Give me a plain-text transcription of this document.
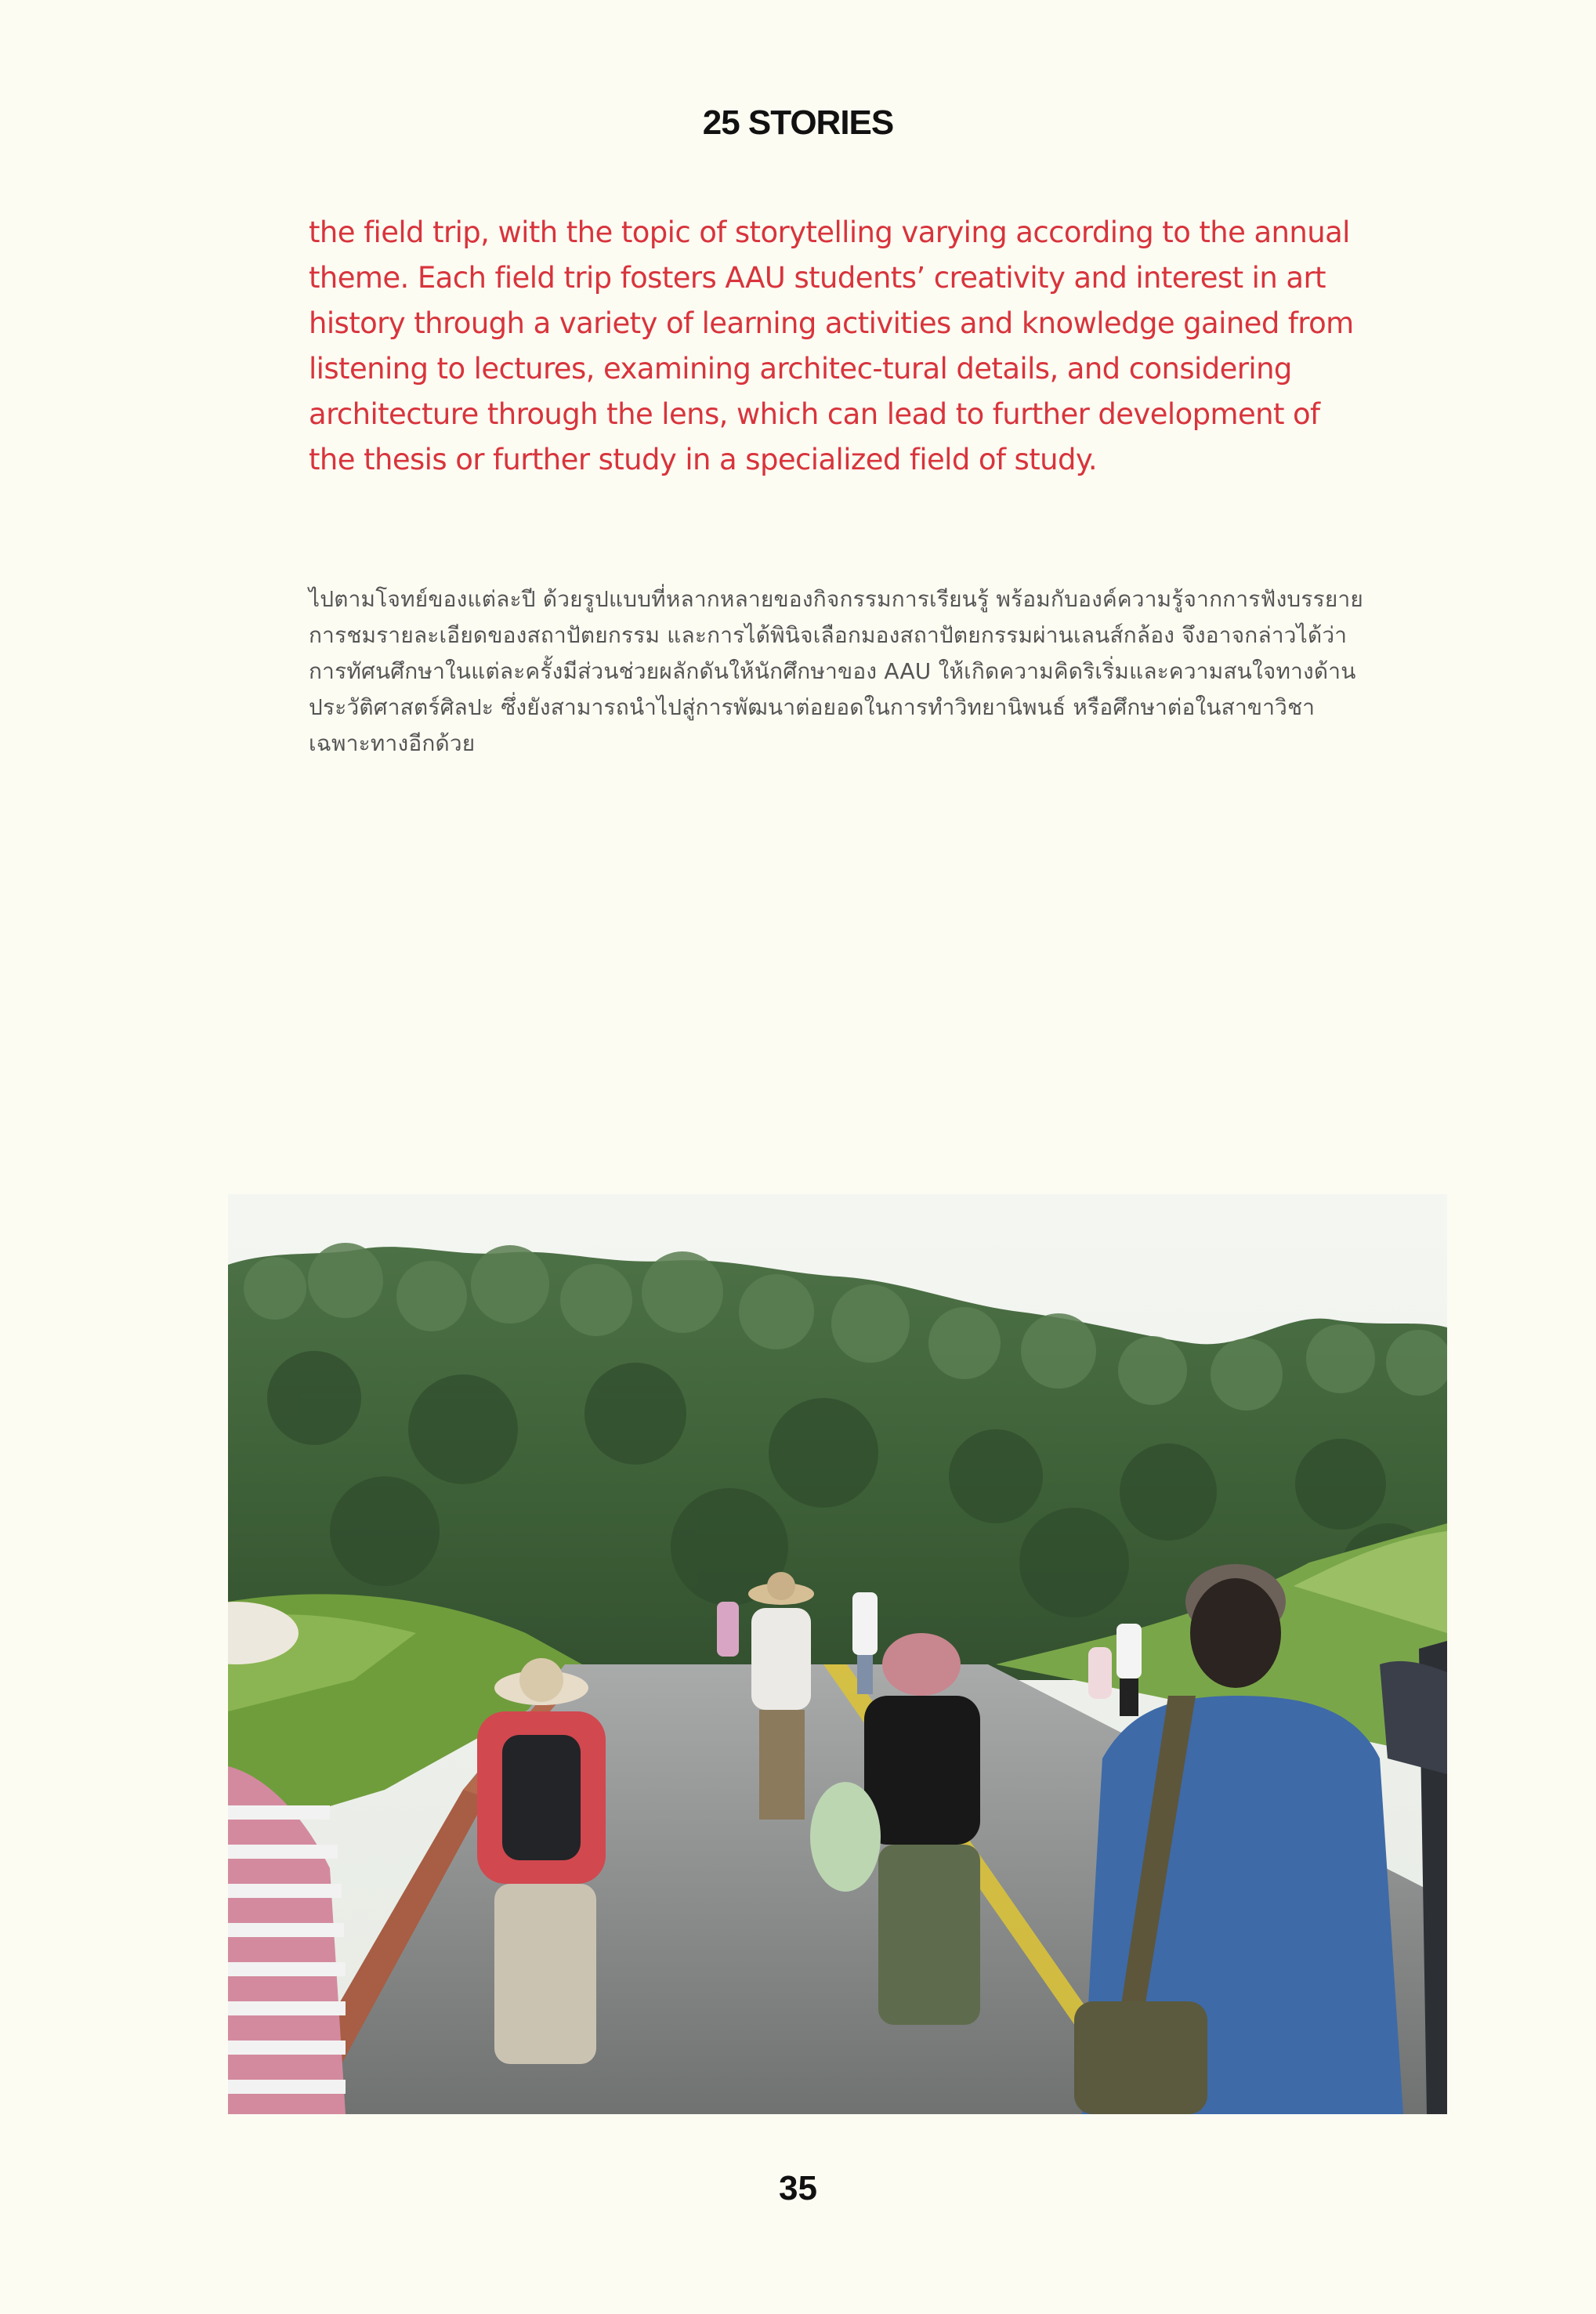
25 STORIES

the field trip, with the topic of storytelling varying according to the annual theme. Each field trip fosters AAU students’ creativity and interest in art history through a variety of learning activities and knowledge gained from listening to lectures, examining architec-tural details, and considering architecture through the lens, which can lead to further development of the thesis or further study in a specialized field of study.

ไปตามโจทย์ของแต่ละปี ด้วยรูปแบบที่หลากหลายของกิจกรรมการเรียนรู้ พร้อมกับองค์ความรู้จากการฟังบรรยาย การชมรายละเอียดของสถาปัตยกรรม และการได้พินิจเลือกมองสถาปัตยกรรมผ่านเลนส์กล้อง จึงอาจกล่าวได้ว่า การทัศนศึกษาในแต่ละครั้งมีส่วนช่วยผลักดันให้นักศึกษาของ AAU ให้เกิดความคิดริเริ่มและความสนใจทางด้านประวัติศาสตร์ศิลปะ ซึ่งยังสามารถนำไปสู่การพัฒนาต่อยอดในการทำวิทยานิพนธ์ หรือศึกษาต่อในสาขาวิชาเฉพาะทางอีกด้วย

35
